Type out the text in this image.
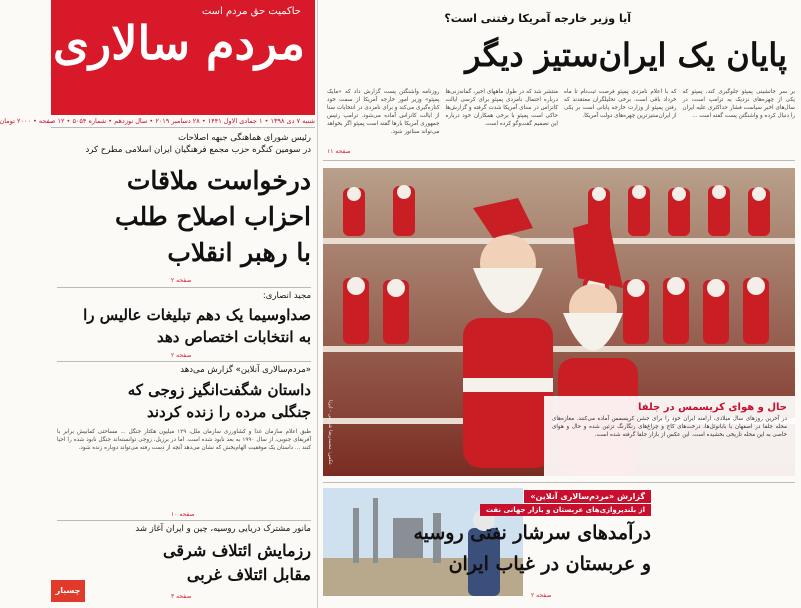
حاکمیت حق مردم است
مردم سالاری
شنبه ۷ دی ۱۳۹۸ • ۱ جمادی الاول ۱۴۴۱ • ۲۸ دسامبر ۲۰۱۹ • سال نوزدهم • شماره ۵۰۵۴ • ۱۲ صفحه • ۲۰۰۰ تومان
رئیس شورای هماهنگی جبهه اصلاحات
در سومین کنگره حزب مجمع فرهنگیان ایران اسلامی مطرح کرد
درخواست ملاقات
احزاب اصلاح طلب
با رهبر انقلاب
صفحه ۲
مجید انصاری:
صداوسیما یک دهم تبلیغات عالیس را
به انتخابات اختصاص دهد
صفحه ۲
«مردم‌سالاری آنلاین» گزارش می‌دهد
داستان شگفت‌انگیز زوجی که
جنگلی مرده را زنده کردند
طبق اعلام سازمان غذا و کشاورزی سازمان ملل، ۱۲۹ میلیون هکتار جنگل ... مساحتی کمابیش برابر با آفریقای جنوبی، از سال ۱۹۹۰ به بعد نابود شده است. اما در برزیل، زوجی توانسته‌اند جنگل نابود شده را احیا کنند ... داستان یک موفقیت الهام‌بخش که نشان می‌دهد آنچه از دست رفته می‌تواند دوباره زنده شود.
صفحه ۱۰
مانور مشترک دریایی روسیه، چین و ایران آغاز شد
رزمایش ائتلاف شرقی
مقابل ائتلاف غربی
صفحه ۳
چسبار
آیا وزیر خارجه آمریکا رفتنی است؟
پایان یک ایران‌ستیز دیگر
بر سر جانشینی پمپئو جلوگیری کند، پمپئو که یکی از چهره‌های نزدیک به ترامپ است، در سال‌های اخیر سیاست فشار حداکثری علیه ایران را دنبال کرده و واشنگتن پست گفته است ...
که با اعلام نامزدی پمپئو فرصت ثبت‌نام تا ماه خرداد باقی است. برخی تحلیلگران معتقدند که رفتن پمپئو از وزارت خارجه پایانی است بر یکی از ایران‌ستیزترین چهره‌های دولت آمریکا.
منتشر شد که در طول ماههای اخیر، گمانه‌زنی‌ها درباره احتمال نامزدی پمپئو برای کرسی ایالت کانزاس در سنای آمریکا شدت گرفته و گزارش‌ها حاکی است پمپئو با برخی همکاران خود درباره این تصمیم گفت‌وگو کرده است.
روزنامه واشنگتن پست گزارش داد که «مایک پمپئو» وزیر امور خارجه آمریکا از سمت خود کناره‌گیری می‌کند و برای نامزدی در انتخابات سنا از ایالت کانزاس آماده می‌شود. ترامپ رئیس جمهوری آمریکا بارها گفته است پمپئو اگر بخواهد می‌تواند سناتور شود.
صفحه ۱۱
عکس: محمدرضا شریفی - ایرنا	حال و هوای کریسمس در جلفا
در آخرین روزهای سال میلادی، ارامنه ایران خود را برای جشن کریسمس آماده می‌کنند. مغازه‌های محله جلفا در اصفهان با بابانوئل‌ها، درخت‌های کاج و چراغ‌های رنگارنگ تزئین شده و حال و هوای خاصی به این محله تاریخی بخشیده است. این عکس از بازار جلفا گرفته شده است.
گزارش «مردم‌سالاری آنلاین»
از بلندپروازی‌های عربستان و بازار جهانی نفت
درآمدهای سرشار نفتی روسیه
و عربستان در غیاب ایران
صفحه ۲
